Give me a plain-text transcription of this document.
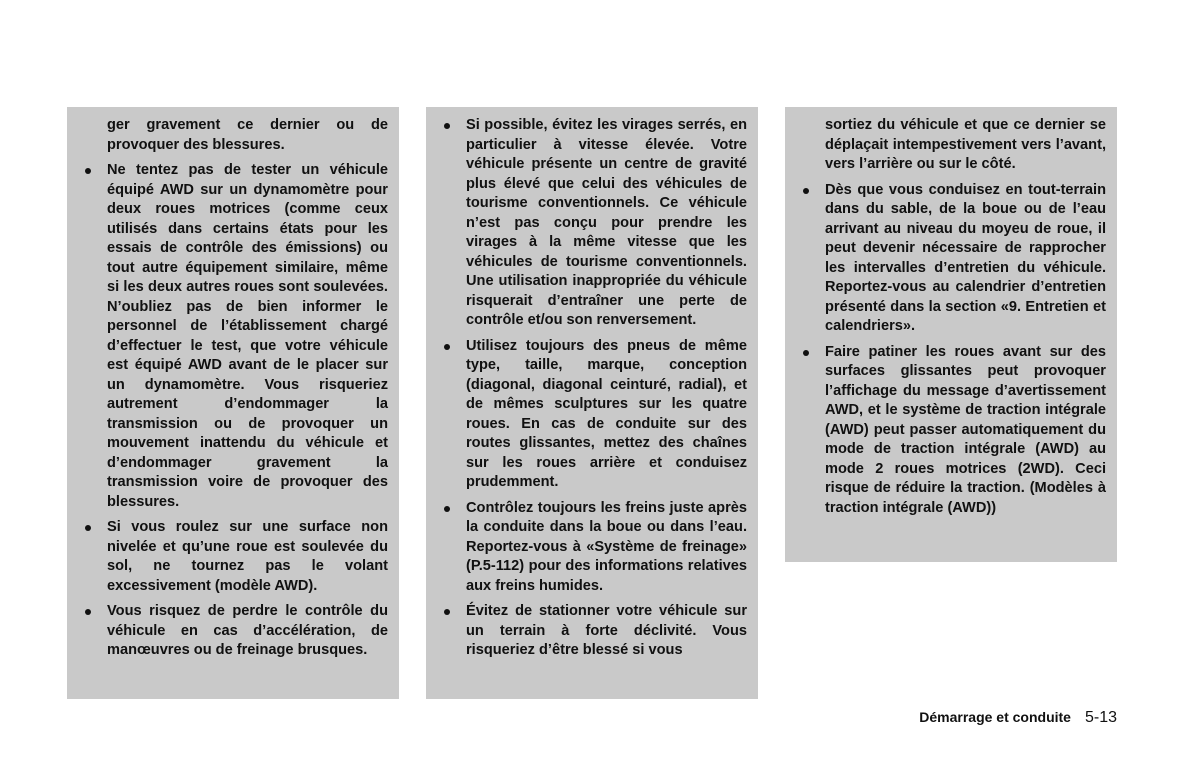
ger gravement ce dernier ou de provoquer des blessures.
Ne tentez pas de tester un véhicule équipé AWD sur un dynamomètre pour deux roues motrices (comme ceux utilisés dans certains états pour les essais de contrôle des émissions) ou tout autre équipement similaire, même si les deux autres roues sont soulevées. N’oubliez pas de bien informer le personnel de l’établissement chargé d’effectuer le test, que votre véhicule est équipé AWD avant de le placer sur un dynamomètre. Vous risqueriez autrement d’endommager la transmission ou de provoquer un mouvement inattendu du véhicule et d’endommager gravement la transmission voire de provoquer des blessures.
Si vous roulez sur une surface non nivelée et qu’une roue est soulevée du sol, ne tournez pas le volant excessivement (modèle AWD).
Vous risquez de perdre le contrôle du véhicule en cas d’accélération, de manœuvres ou de freinage brusques.
Si possible, évitez les virages serrés, en particulier à vitesse élevée. Votre véhicule présente un centre de gravité plus élevé que celui des véhicules de tourisme conventionnels. Ce véhicule n’est pas conçu pour prendre les virages à la même vitesse que les véhicules de tourisme conventionnels. Une utilisation inappropriée du véhicule risquerait d’entraîner une perte de contrôle et/ou son renversement.
Utilisez toujours des pneus de même type, taille, marque, conception (diagonal, diagonal ceinturé, radial), et de mêmes sculptures sur les quatre roues. En cas de conduite sur des routes glissantes, mettez des chaînes sur les roues arrière et conduisez prudemment.
Contrôlez toujours les freins juste après la conduite dans la boue ou dans l’eau. Reportez-vous à «Système de freinage» (P.5-112) pour des informations relatives aux freins humides.
Évitez de stationner votre véhicule sur un terrain à forte déclivité. Vous risqueriez d’être blessé si vous
sortiez du véhicule et que ce dernier se déplaçait intempestivement vers l’avant, vers l’arrière ou sur le côté.
Dès que vous conduisez en tout-terrain dans du sable, de la boue ou de l’eau arrivant au niveau du moyeu de roue, il peut devenir nécessaire de rapprocher les intervalles d’entretien du véhicule. Reportez-vous au calendrier d’entretien présenté dans la section «9. Entretien et calendriers».
Faire patiner les roues avant sur des surfaces glissantes peut provoquer l’affichage du message d’avertissement AWD, et le système de traction intégrale (AWD) peut passer automatiquement du mode de traction intégrale (AWD) au mode 2 roues motrices (2WD). Ceci risque de réduire la traction. (Modèles à traction intégrale (AWD))
Démarrage et conduite 5-13
